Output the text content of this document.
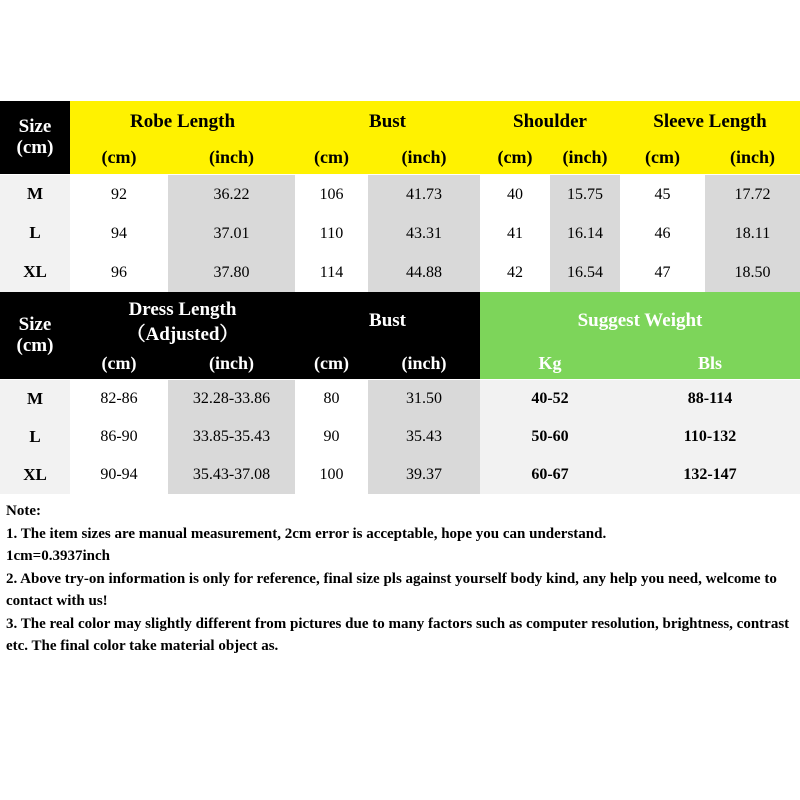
Size
(cm)
Robe Length	Bust	Shoulder	Sleeve Length
(cm)	(inch)	(cm)	(inch)	(cm)	(inch)	(cm)	(inch)
M	92	36.22	106	41.73	40	15.75	45	17.72
L	94	37.01	110	43.31	41	16.14	46	18.11
XL	96	37.80	114	44.88	42	16.54	47	18.50
Size
(cm)
Dress Length
（Adjusted）
Bust	Suggest Weight
(cm)	(inch)	(cm)	(inch)	Kg	Bls
M	82-86	32.28-33.86	80	31.50	40-52	88-114
L	86-90	33.85-35.43	90	35.43	50-60	110-132
XL	90-94	35.43-37.08	100	39.37	60-67	132-147
Note:
1. The item sizes are manual measurement, 2cm error is acceptable, hope you can understand.
1cm=0.3937inch
2. Above try-on information is only for reference, final size pls against yourself body kind, any help you need, welcome to contact with us!
3. The real color may slightly different from pictures due to many factors such as computer resolution, brightness, contrast etc. The final color take material object as.
